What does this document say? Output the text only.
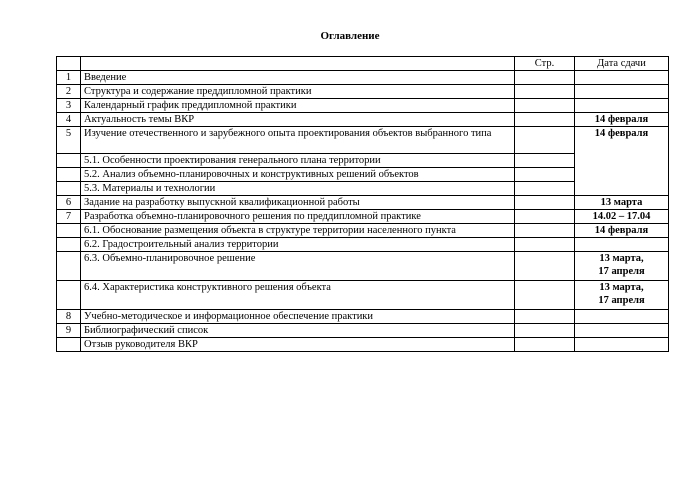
Оглавление
		Стр.	Дата сдачи
1	Введение		
2	Структура и содержание преддипломной практики		
3	Календарный график преддипломной практики		
4	Актуальность темы ВКР		14 февраля
5	Изучение отечественного и зарубежного опыта проектирования объектов выбранного типа		14 февраля
	5.1. Особенности проектирования генерального плана территории		
	5.2. Анализ объемно-планировочных и конструктивных решений объектов		
	5.3. Материалы и технологии		
6	Задание на разработку выпускной квалификационной работы		13 марта
7	Разработка объемно-планировочного решения по преддипломной практике		14.02 – 17.04
	6.1. Обоснование размещения объекта в структуре территории населенного пункта		14 февраля
	6.2. Градостроительный анализ территории		
	6.3. Объемно-планировочное решение		13 марта,
17 апреля
	6.4. Характеристика конструктивного решения объекта		13 марта,
17 апреля
8	Учебно-методическое и информационное обеспечение практики		
9	Библиографический список		
	Отзыв руководителя ВКР		
